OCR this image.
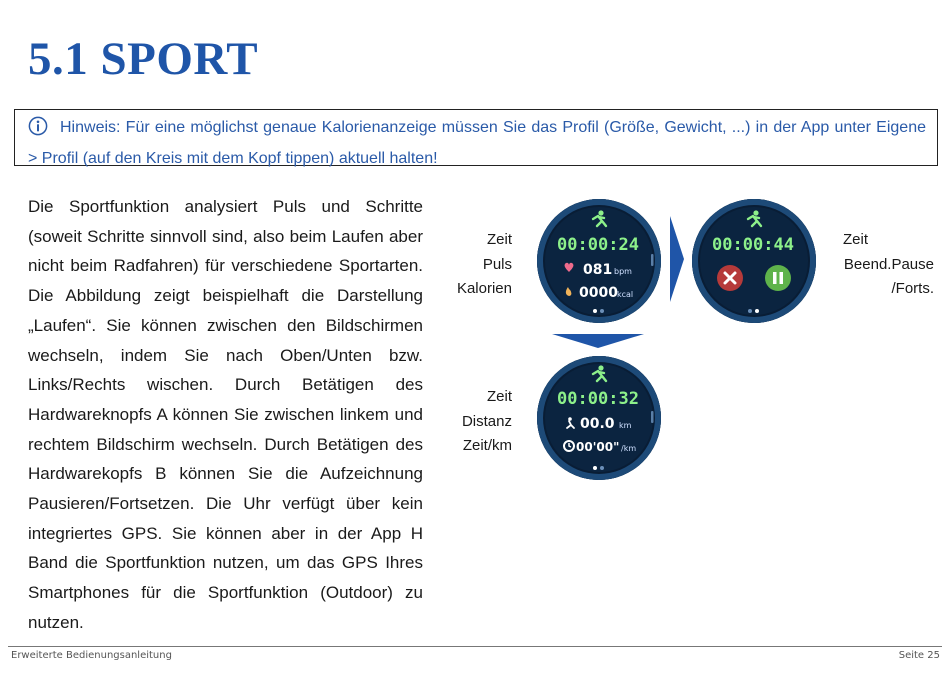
5.1 SPORT
Hinweis: Für eine möglichst genaue Kalorienanzeige müssen Sie das Profil (Größe, Gewicht, ...) in der App unter Eigene > Profil (auf den Kreis mit dem Kopf tippen) aktuell halten!

Die Sportfunktion analysiert Puls und Schritte (soweit Schritte sinnvoll sind, also beim Laufen aber nicht beim Radfahren) für verschiedene Sportarten. Die Abbildung zeigt beispielhaft die Darstellung „Laufen“. Sie können zwischen den Bildschirmen wechseln, indem Sie nach Oben/Unten bzw. Links/Rechts wischen. Durch Betätigen des Hardwareknopfs A können Sie zwischen linkem und rechtem Bildschirm wechseln. Durch Betätigen des Hardwarekopfs B können Sie die Aufzeichnung Pausieren/Fortsetzen. Die Uhr verfügt über kein integriertes GPS. Sie können aber in der App H Band die Sportfunktion nutzen, um das GPS Ihres Smartphones für die Sportfunktion (Outdoor) zu nutzen.

Zeit
Puls
Kalorien
Zeit
Beend.Pause
/Forts.
Zeit
Distanz
Zeit/km
00:00:24
081 bpm
0000 kcal
00:00:44
00:00:32
00.0 km
00'00" /km
Erweiterte Bedienungsanleitung	Seite 25
